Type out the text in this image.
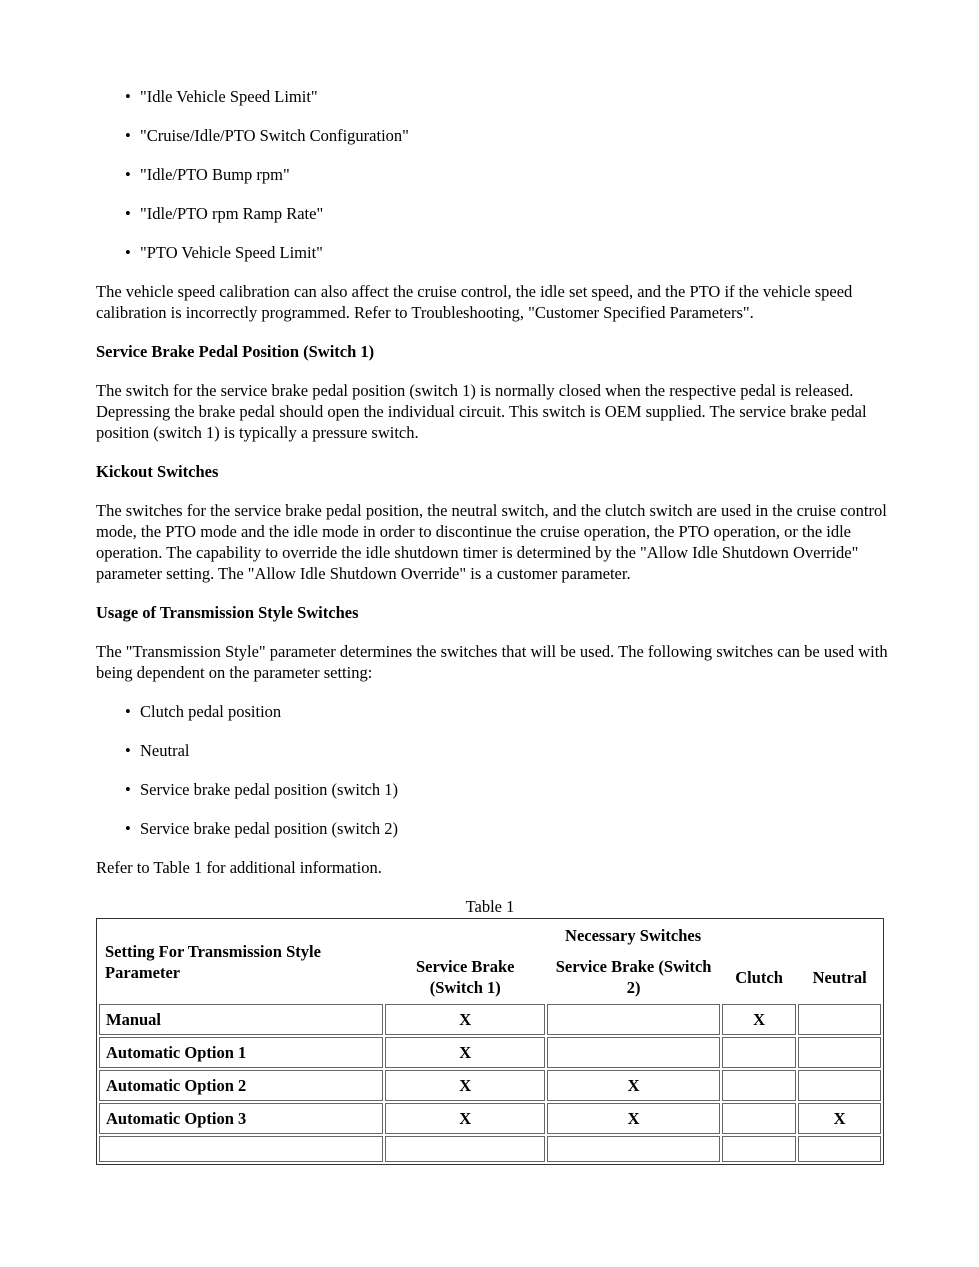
• "Idle Vehicle Speed Limit"
• "Cruise/Idle/PTO Switch Configuration"
• "Idle/PTO Bump rpm"
• "Idle/PTO rpm Ramp Rate"
• "PTO Vehicle Speed Limit"

The vehicle speed calibration can also affect the cruise control, the idle set speed, and the PTO if the vehicle speed calibration is incorrectly programmed. Refer to Troubleshooting, "Customer Specified Parameters".

Service Brake Pedal Position (Switch 1)

The switch for the service brake pedal position (switch 1) is normally closed when the respective pedal is released. Depressing the brake pedal should open the individual circuit. This switch is OEM supplied. The service brake pedal position (switch 1) is typically a pressure switch.

Kickout Switches

The switches for the service brake pedal position, the neutral switch, and the clutch switch are used in the cruise control mode, the PTO mode and the idle mode in order to discontinue the cruise operation, the PTO operation, or the idle operation. The capability to override the idle shutdown timer is determined by the "Allow Idle Shutdown Override" parameter setting. The "Allow Idle Shutdown Override" is a customer parameter.

Usage of Transmission Style Switches

The "Transmission Style" parameter determines the switches that will be used. The following switches can be used with being dependent on the parameter setting:

• Clutch pedal position
• Neutral
• Service brake pedal position (switch 1)
• Service brake pedal position (switch 2)

Refer to Table 1 for additional information.

Table 1
Setting For Transmission Style Parameter	Necessary Switches			
	Service Brake (Switch 1)	Service Brake (Switch 2)	Clutch	Neutral
Manual	X		X	
Automatic Option 1	X			
Automatic Option 2	X	X		
Automatic Option 3	X	X		X
